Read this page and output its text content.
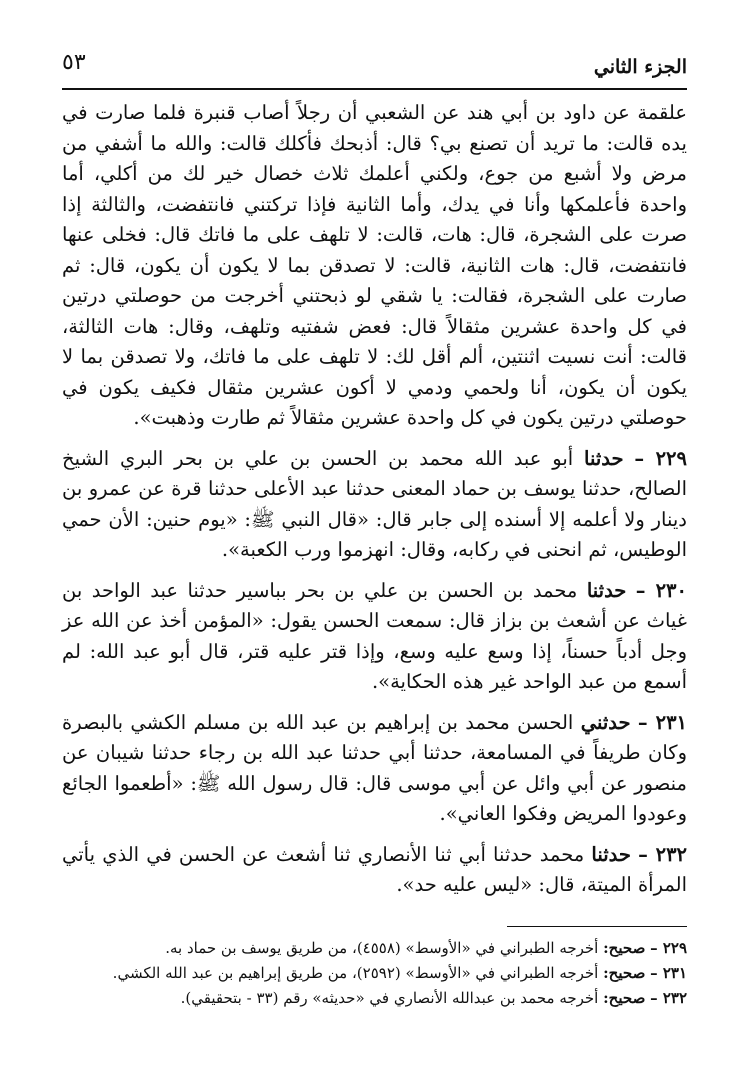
٥٣	الجزء الثاني

علقمة عن داود بن أبي هند عن الشعبي أن رجلاً أصاب قنبرة فلما صارت في يده قالت: ما تريد أن تصنع بي؟ قال: أذبحك فأكلك قالت: والله ما أشفي من مرض ولا أشبع من جوع، ولكني أعلمك ثلاث خصال خير لك من أكلي، أما واحدة فأعلمكها وأنا في يدك، وأما الثانية فإذا تركتني فانتفضت، والثالثة إذا صرت على الشجرة، قال: هات، قالت: لا تلهف على ما فاتك قال: فخلى عنها فانتفضت، قال: هات الثانية، قالت: لا تصدقن بما لا يكون أن يكون، قال: ثم صارت على الشجرة، فقالت: يا شقي لو ذبحتني أخرجت من حوصلتي درتين في كل واحدة عشرين مثقالاً قال: فعض شفتيه وتلهف، وقال: هات الثالثة، قالت: أنت نسيت اثنتين، ألم أقل لك: لا تلهف على ما فاتك، ولا تصدقن بما لا يكون أن يكون، أنا ولحمي ودمي لا أكون عشرين مثقال فكيف يكون في حوصلتي درتين يكون في كل واحدة عشرين مثقالاً ثم طارت وذهبت».

٢٢٩ – حدثنا أبو عبد الله محمد بن الحسن بن علي بن بحر البري الشيخ الصالح، حدثنا يوسف بن حماد المعنى حدثنا عبد الأعلى حدثنا قرة عن عمرو بن دينار ولا أعلمه إلا أسنده إلى جابر قال: «قال النبي ﷺ: «يوم حنين: الأن حمي الوطيس، ثم انحنى في ركابه، وقال: انهزموا ورب الكعبة».

٢٣٠ – حدثنا محمد بن الحسن بن علي بن بحر بباسير حدثنا عبد الواحد بن غياث عن أشعث بن بزاز قال: سمعت الحسن يقول: «المؤمن أخذ عن الله عز وجل أدباً حسناً، إذا وسع عليه وسع، وإذا قتر عليه قتر، قال أبو عبد الله: لم أسمع من عبد الواحد غير هذه الحكاية».

٢٣١ – حدثني الحسن محمد بن إبراهيم بن عبد الله بن مسلم الكشي بالبصرة وكان طريفاً في المسامعة، حدثنا أبي حدثنا عبد الله بن رجاء حدثنا شيبان عن منصور عن أبي وائل عن أبي موسى قال: قال رسول الله ﷺ: «أطعموا الجائع وعودوا المريض وفكوا العاني».

٢٣٢ – حدثنا محمد حدثنا أبي ثنا الأنصاري ثنا أشعث عن الحسن في الذي يأتي المرأة الميتة، قال: «ليس عليه حد».

٢٢٩ – صحيح: أخرجه الطبراني في «الأوسط» (٤٥٥٨)، من طريق يوسف بن حماد به.

٢٣١ – صحيح: أخرجه الطبراني في «الأوسط» (٢٥٩٢)، من طريق إبراهيم بن عبد الله الكشي.

٢٣٢ – صحيح: أخرجه محمد بن عبدالله الأنصاري في «حديثه» رقم (٣٣ - بتحقيقي).
